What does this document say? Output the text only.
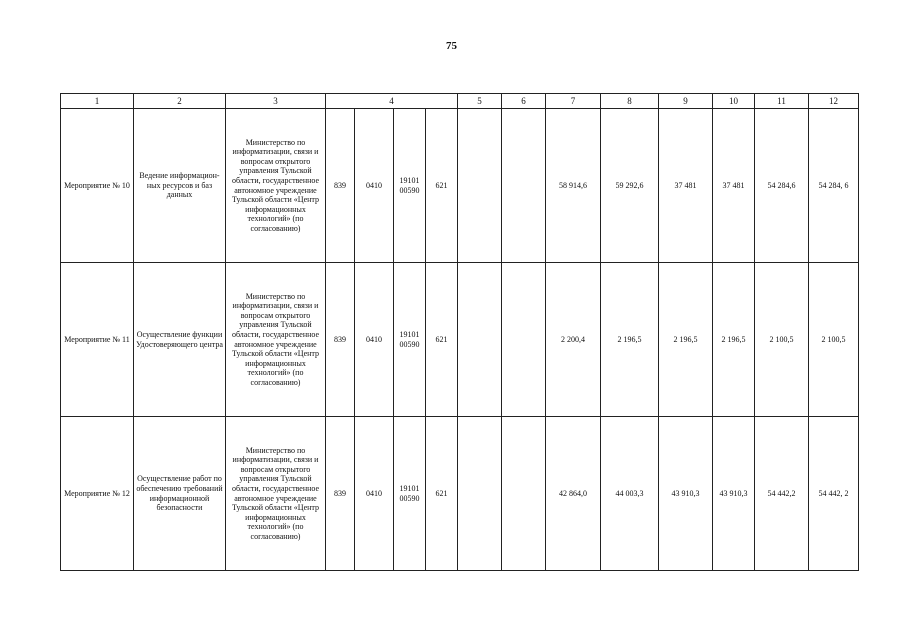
75
1	2	3	4				5	6	7	8	9	10	11	12
Мероприятие № 10	Ведение информацион-ных ресурсов и баз данных	Министерство по информатизации, связи и вопросам открытого управления Тульской области, государственное автономное учреждение Тульской области «Центр информационных технологий» (по согласованию)	839	0410	19101 00590	621			58 914,6	59 292,6	37 481	37 481	54 284,6	54 284, 6
Мероприятие № 11	Осуществление функции Удостоверяющего центра	Министерство по информатизации, связи и вопросам открытого управления Тульской области, государственное автономное учреждение Тульской области «Центр информационных технологий» (по согласованию)	839	0410	19101 00590	621			2 200,4	2 196,5	2 196,5	2 196,5	2 100,5	2 100,5
Мероприятие № 12	Осуществление работ по обеспечению требований информационной безопасности	Министерство по информатизации, связи и вопросам открытого управления Тульской области, государственное автономное учреждение Тульской области «Центр информационных технологий» (по согласованию)	839	0410	19101 00590	621			42 864,0	44 003,3	43 910,3	43 910,3	54 442,2	54 442, 2
